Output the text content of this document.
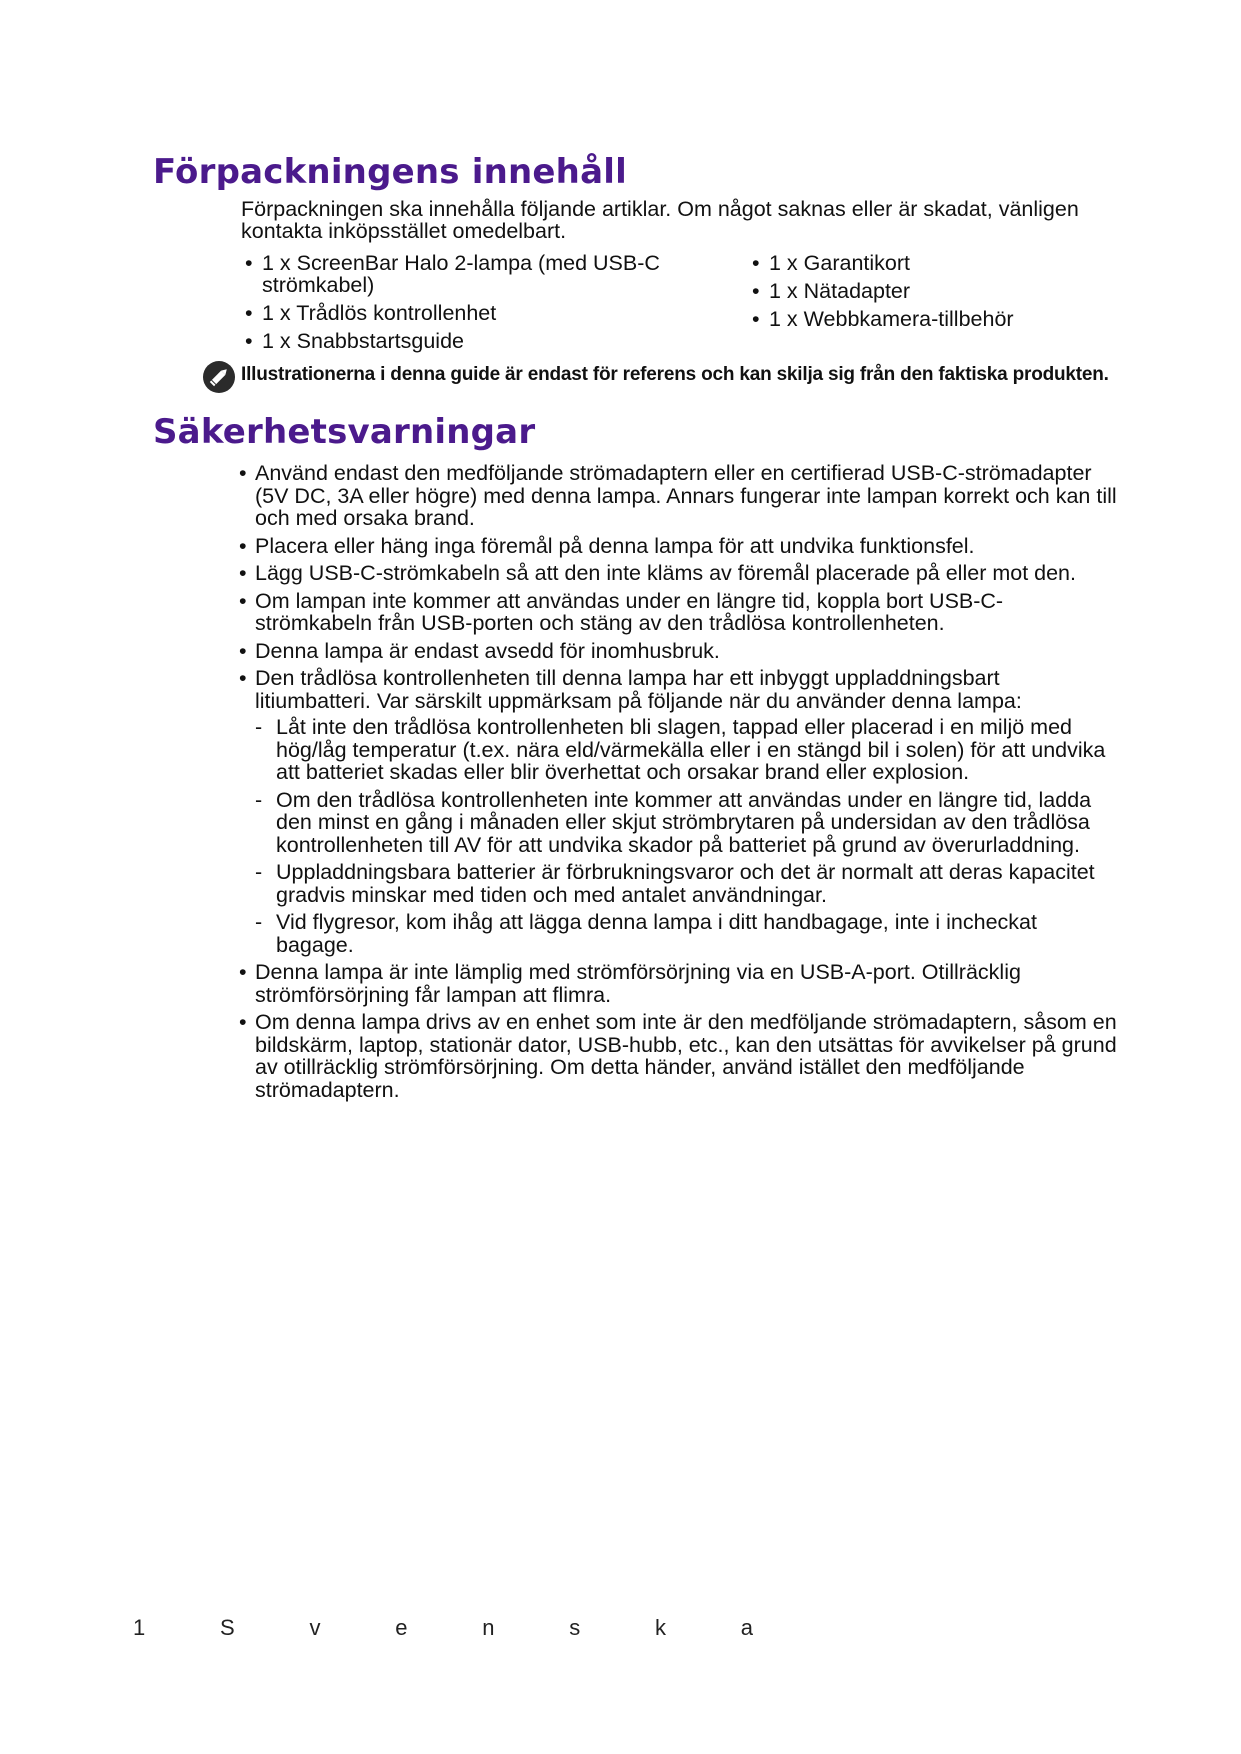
Förpackningens innehåll

Förpackningen ska innehålla följande artiklar. Om något saknas eller är skadat, vänligen kontakta inköpsstället omedelbart.

• 1 x ScreenBar Halo 2-lampa (med USB-C strömkabel)
• 1 x Trådlös kontrollenhet
• 1 x Snabbstartsguide
• 1 x Garantikort
• 1 x Nätadapter
• 1 x Webbkamera-tillbehör

Illustrationerna i denna guide är endast för referens och kan skilja sig från den faktiska produkten.

Säkerhetsvarningar
• Använd endast den medföljande strömadaptern eller en certifierad USB-C-strömadapter (5V DC, 3A eller högre) med denna lampa. Annars fungerar inte lampan korrekt och kan till och med orsaka brand.
• Placera eller häng inga föremål på denna lampa för att undvika funktionsfel.
• Lägg USB-C-strömkabeln så att den inte kläms av föremål placerade på eller mot den.
• Om lampan inte kommer att användas under en längre tid, koppla bort USB-C-strömkabeln från USB-porten och stäng av den trådlösa kontrollenheten.
• Denna lampa är endast avsedd för inomhusbruk.
• Den trådlösa kontrollenheten till denna lampa har ett inbyggt uppladdningsbart litiumbatteri. Var särskilt uppmärksam på följande när du använder denna lampa:
- Låt inte den trådlösa kontrollenheten bli slagen, tappad eller placerad i en miljö med hög/låg temperatur (t.ex. nära eld/värmekälla eller i en stängd bil i solen) för att undvika att batteriet skadas eller blir överhettat och orsakar brand eller explosion.
- Om den trådlösa kontrollenheten inte kommer att användas under en längre tid, ladda den minst en gång i månaden eller skjut strömbrytaren på undersidan av den trådlösa kontrollenheten till AV för att undvika skador på batteriet på grund av överurladdning.
- Uppladdningsbara batterier är förbrukningsvaror och det är normalt att deras kapacitet gradvis minskar med tiden och med antalet användningar.
- Vid flygresor, kom ihåg att lägga denna lampa i ditt handbagage, inte i incheckat bagage.
• Denna lampa är inte lämplig med strömförsörjning via en USB-A-port. Otillräcklig strömförsörjning får lampan att flimra.
• Om denna lampa drivs av en enhet som inte är den medföljande strömadaptern, såsom en bildskärm, laptop, stationär dator, USB-hubb, etc., kan den utsättas för avvikelser på grund av otillräcklig strömförsörjning. Om detta händer, använd istället den medföljande strömadaptern.
1	S	v	e	n	s	k	a
